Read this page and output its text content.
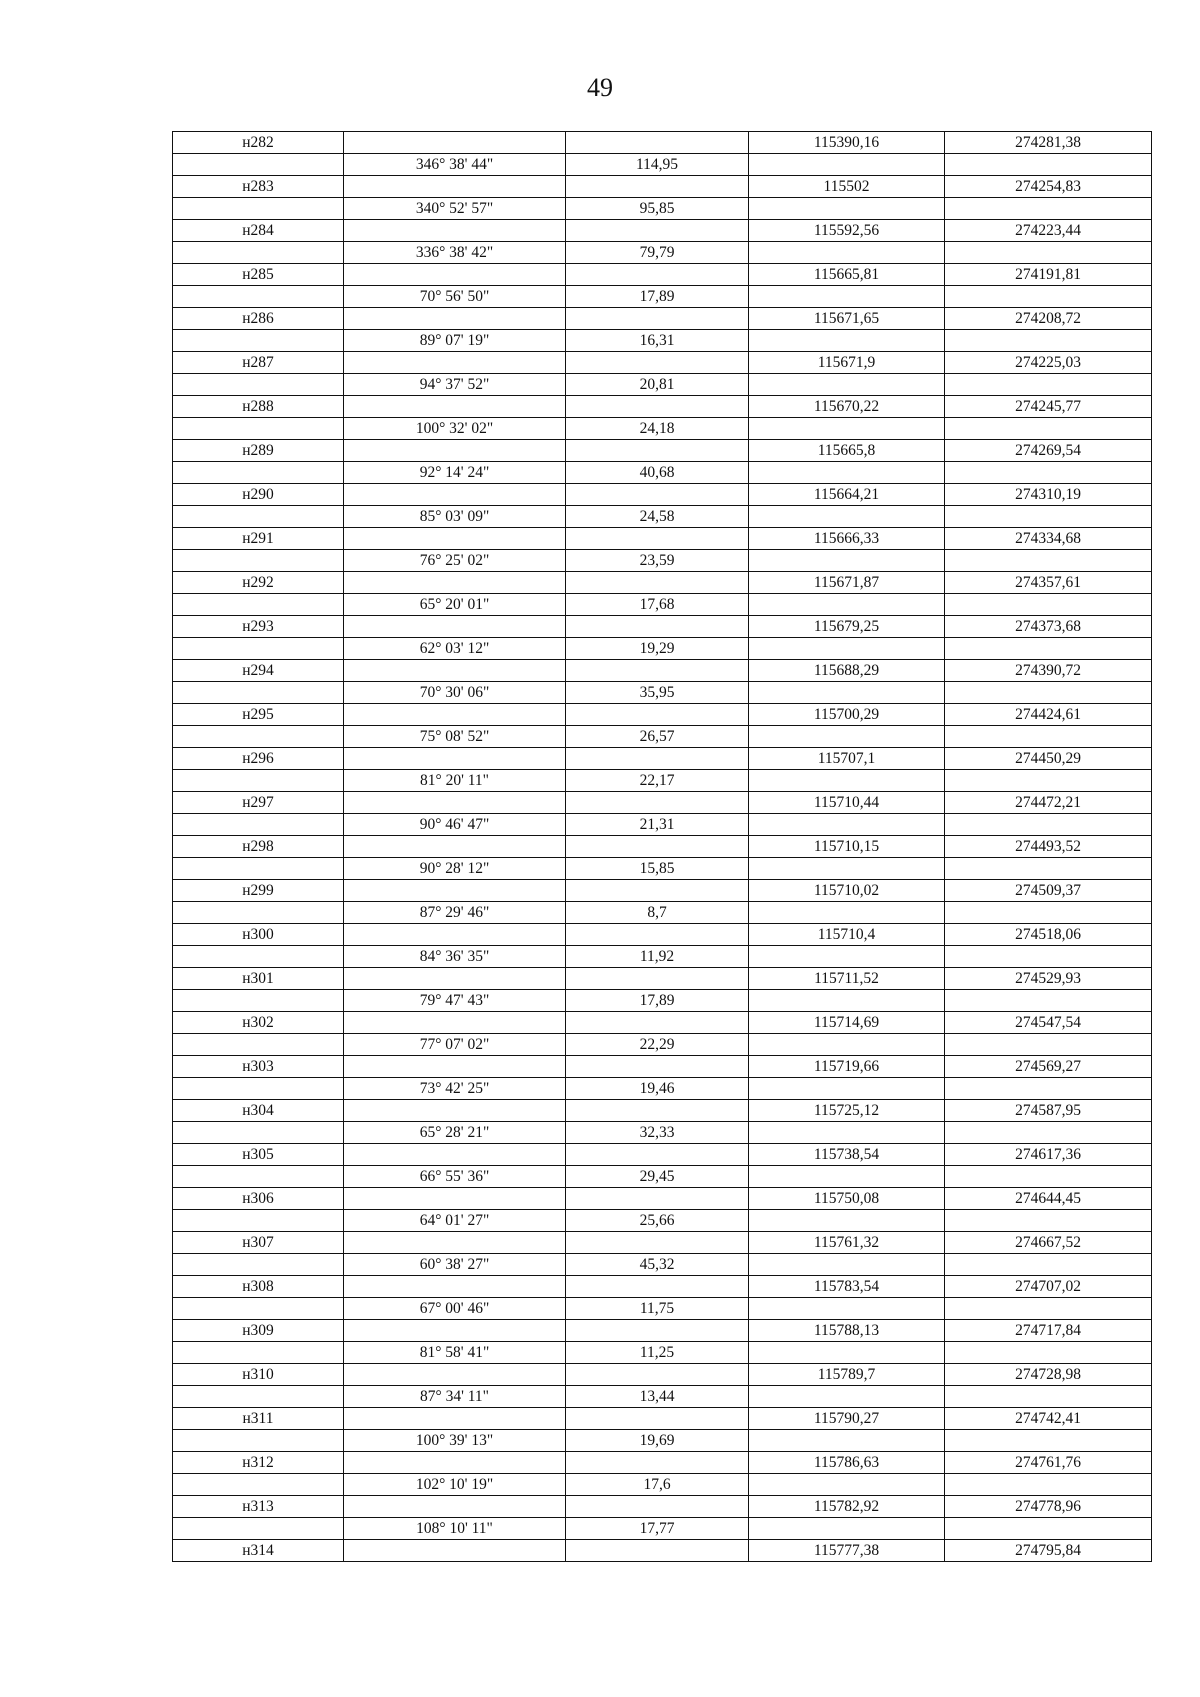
49
н282			115390,16	274281,38
	346° 38' 44"	114,95		
н283			115502	274254,83
	340° 52' 57"	95,85		
н284			115592,56	274223,44
	336° 38' 42"	79,79		
н285			115665,81	274191,81
	70° 56' 50"	17,89		
н286			115671,65	274208,72
	89° 07' 19"	16,31		
н287			115671,9	274225,03
	94° 37' 52"	20,81		
н288			115670,22	274245,77
	100° 32' 02"	24,18		
н289			115665,8	274269,54
	92° 14' 24"	40,68		
н290			115664,21	274310,19
	85° 03' 09"	24,58		
н291			115666,33	274334,68
	76° 25' 02"	23,59		
н292			115671,87	274357,61
	65° 20' 01"	17,68		
н293			115679,25	274373,68
	62° 03' 12"	19,29		
н294			115688,29	274390,72
	70° 30' 06"	35,95		
н295			115700,29	274424,61
	75° 08' 52"	26,57		
н296			115707,1	274450,29
	81° 20' 11"	22,17		
н297			115710,44	274472,21
	90° 46' 47"	21,31		
н298			115710,15	274493,52
	90° 28' 12"	15,85		
н299			115710,02	274509,37
	87° 29' 46"	8,7		
н300			115710,4	274518,06
	84° 36' 35"	11,92		
н301			115711,52	274529,93
	79° 47' 43"	17,89		
н302			115714,69	274547,54
	77° 07' 02"	22,29		
н303			115719,66	274569,27
	73° 42' 25"	19,46		
н304			115725,12	274587,95
	65° 28' 21"	32,33		
н305			115738,54	274617,36
	66° 55' 36"	29,45		
н306			115750,08	274644,45
	64° 01' 27"	25,66		
н307			115761,32	274667,52
	60° 38' 27"	45,32		
н308			115783,54	274707,02
	67° 00' 46"	11,75		
н309			115788,13	274717,84
	81° 58' 41"	11,25		
н310			115789,7	274728,98
	87° 34' 11"	13,44		
н311			115790,27	274742,41
	100° 39' 13"	19,69		
н312			115786,63	274761,76
	102° 10' 19"	17,6		
н313			115782,92	274778,96
	108° 10' 11"	17,77		
н314			115777,38	274795,84
